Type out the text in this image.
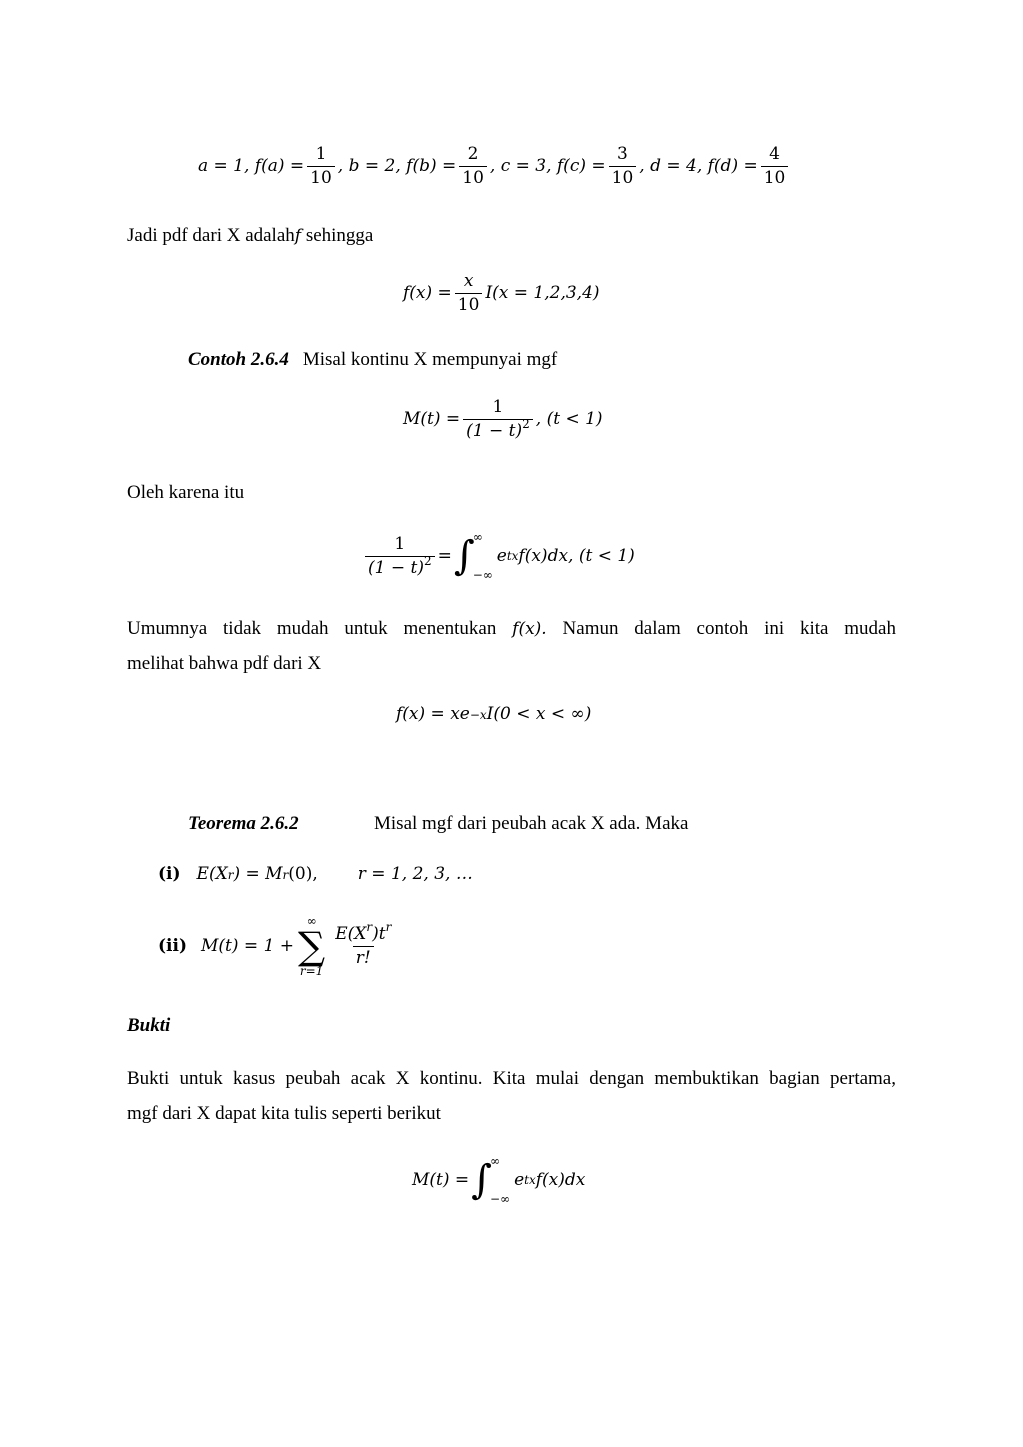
a = 1, $f(a) = \frac{1}{10}$ , b = 2, $f(b) = \frac{2}{10}$ , c = 3, $f(c) = \frac{3}{10}$ , d = 4, $f(d) = \frac{4}{10}$
Jadi pdf dari X adalahf sehingga
$f(x) = \frac{x}{10} I(x = 1,2,3,4)$
Contoh 2.6.4 Misal kontinu X mempunyai mgf
$M(t) = \frac{1}{(1 - t)^2}$ , (t < 1)
Oleh karena itu
$\frac{1}{(1 - t)^2}$ = ∫
∞
−∞
e tx f(x)dx, (t < 1)
Umumnya tidak mudah untuk menentukan f(x). Namun dalam contoh ini kita mudah
melihat bahwa pdf dari X
f(x) = xe −x I(0 < x < ∞)
Teorema 2.6.2	Misal mgf dari peubah acak X ada. Maka
(i) E(X r ) = M r (0), r = 1, 2, 3, …
(ii) M(t) = 1 +
∞
∑
r=1
$\frac{E(X^r)t^r}{r!}$
Bukti
Bukti untuk kasus peubah acak X kontinu. Kita mulai dengan membuktikan bagian pertama,
mgf dari X dapat kita tulis seperti berikut
M(t) = ∫
∞
−∞
e tx f(x)dx
